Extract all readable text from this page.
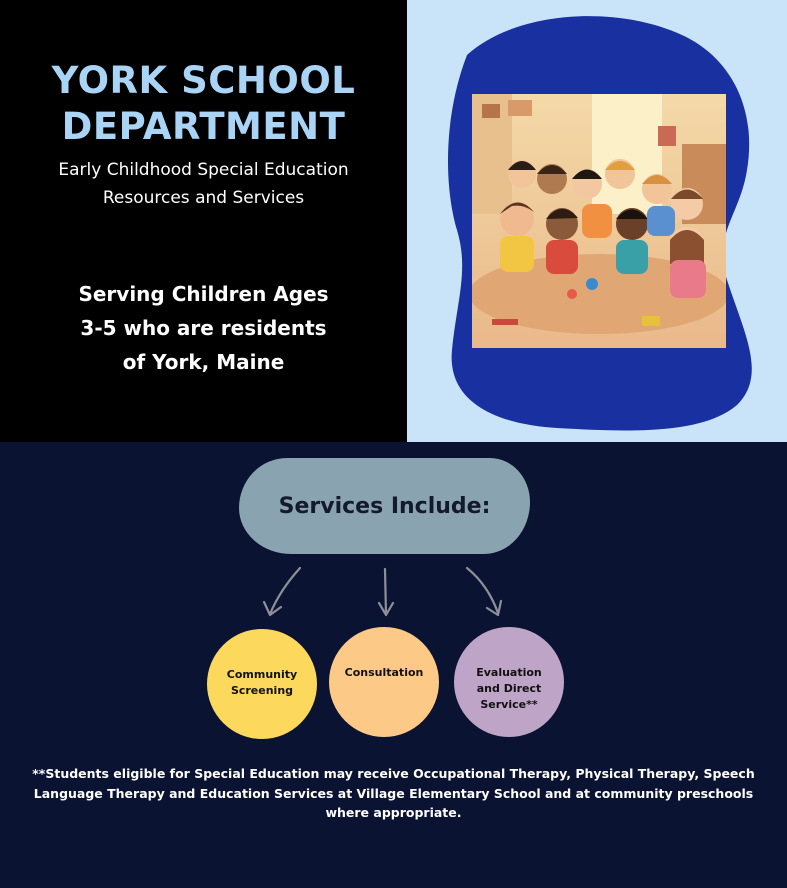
YORK SCHOOL
DEPARTMENT
Early Childhood Special Education
Resources and Services
Serving Children Ages
3-5 who are residents
of York, Maine
Services Include:
Community
Screening
Consultation	Evaluation
and Direct
Service**
**Students eligible for Special Education may receive Occupational Therapy, Physical Therapy, Speech
Language Therapy and Education Services at Village Elementary School and at community preschools
where appropriate.
